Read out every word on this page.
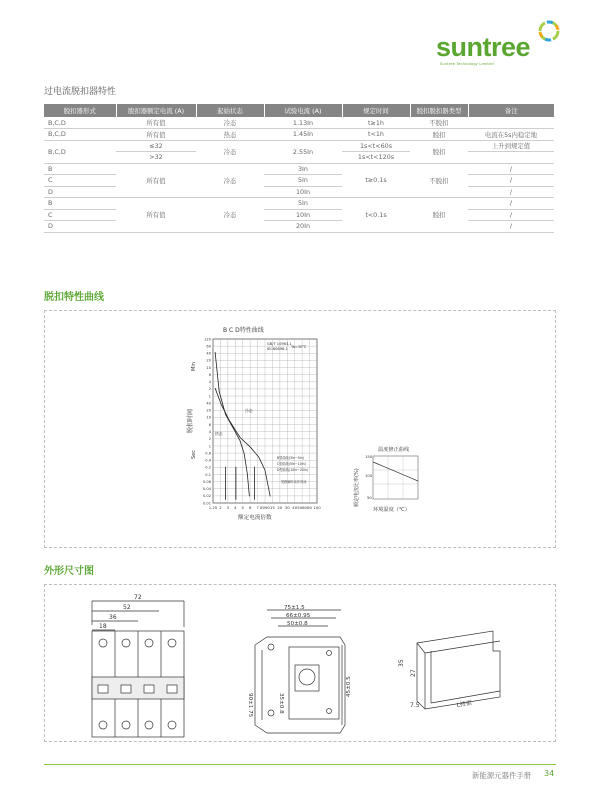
suntree
Suntree Technology Limited
过电流脱扣器特性
脱扣器形式	脱扣器额定电流 (A)	起始状态	试验电流 (A)	规定时间	脱扣脱扣器类型	备注
B,C,D	所有值	冷态	1.13In	t≥1h	不脱扣	
B,C,D	所有值	热态	1.45In	t<1h	脱扣	电流在5s内稳定地
B,C,D	≤32	冷态	2.55In	1s<t<60s	脱扣	上升到规定值
	>32			1s<t<120s		
B	所有值	冷态	3In	t≥0.1s	不脱扣	/
C			5In			/
D			10In			/
B	所有值	冷态	5In	t<0.1s	脱扣	/
C			10In			/
D			20In			/
脱扣特性曲线
B C D特性曲线
脱扣时间
Min
Sec
120
60
40
20
10
6
4
2
1
40
20
10
6
4
2
1
0.6
0.4
0.2
0.1
0.06
0.04
0.02
0.01
1.25 2 3 4 5 6 7 8090 15 20 30 40 5060 80 100
额定电流倍数
GB/T 10963.1
IEC60898-1 Ta=30℃
冷态
热态
B型曲线(3In~5In)
C型曲线(5In~10In)
D型曲线(10In~20In)
短路瞬时动作时间
温度修正曲线
额定电流比率(%)
150
100
50
环境温度（℃）
外形尺寸图
72
52
36
18
75±1.5
66±0.95
50±0.8
45±0.5
35±0.8
90±1.75
35
27
7.5	L按需
新能源元器件手册 34
